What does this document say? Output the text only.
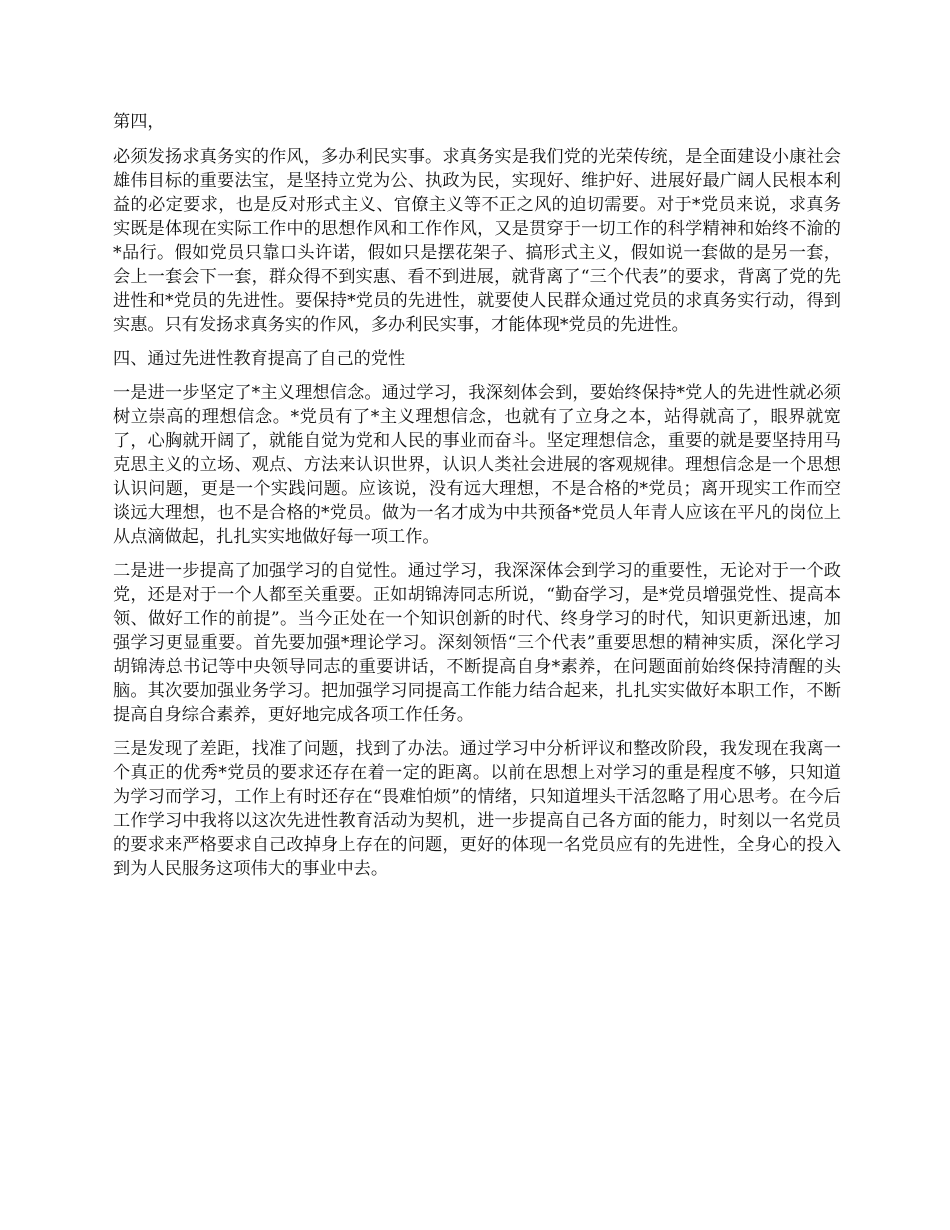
第四，

必须发扬求真务实的作风，多办利民实事。求真务实是我们党的光荣传统，是全面建设小康社会雄伟目标的重要法宝，是坚持立党为公、执政为民，实现好、维护好、进展好最广阔人民根本利益的必定要求，也是反对形式主义、官僚主义等不正之风的迫切需要。对于*党员来说，求真务实既是体现在实际工作中的思想作风和工作作风，又是贯穿于一切工作的科学精神和始终不渝的*品行。假如党员只靠口头许诺，假如只是摆花架子、搞形式主义，假如说一套做的是另一套，会上一套会下一套，群众得不到实惠、看不到进展，就背离了“三个代表”的要求，背离了党的先进性和*党员的先进性。要保持*党员的先进性，就要使人民群众通过党员的求真务实行动，得到实惠。只有发扬求真务实的作风，多办利民实事，才能体现*党员的先进性。

四、通过先进性教育提高了自己的党性

一是进一步坚定了*主义理想信念。通过学习，我深刻体会到，要始终保持*党人的先进性就必须树立崇高的理想信念。*党员有了*主义理想信念，也就有了立身之本，站得就高了，眼界就宽了，心胸就开阔了，就能自觉为党和人民的事业而奋斗。坚定理想信念，重要的就是要坚持用马克思主义的立场、观点、方法来认识世界，认识人类社会进展的客观规律。理想信念是一个思想认识问题，更是一个实践问题。应该说，没有远大理想，不是合格的*党员；离开现实工作而空谈远大理想，也不是合格的*党员。做为一名才成为中共预备*党员人年青人应该在平凡的岗位上从点滴做起，扎扎实实地做好每一项工作。

二是进一步提高了加强学习的自觉性。通过学习，我深深体会到学习的重要性，无论对于一个政党，还是对于一个人都至关重要。正如胡锦涛同志所说，“勤奋学习，是*党员增强党性、提高本领、做好工作的前提”。当今正处在一个知识创新的时代、终身学习的时代，知识更新迅速，加强学习更显重要。首先要加强*理论学习。深刻领悟“三个代表”重要思想的精神实质，深化学习胡锦涛总书记等中央领导同志的重要讲话，不断提高自身*素养，在问题面前始终保持清醒的头脑。其次要加强业务学习。把加强学习同提高工作能力结合起来，扎扎实实做好本职工作，不断提高自身综合素养，更好地完成各项工作任务。

三是发现了差距，找准了问题，找到了办法。通过学习中分析评议和整改阶段，我发现在我离一个真正的优秀*党员的要求还存在着一定的距离。以前在思想上对学习的重是程度不够，只知道为学习而学习，工作上有时还存在“畏难怕烦”的情绪，只知道埋头干活忽略了用心思考。在今后工作学习中我将以这次先进性教育活动为契机，进一步提高自己各方面的能力，时刻以一名党员的要求来严格要求自己改掉身上存在的问题，更好的体现一名党员应有的先进性，全身心的投入到为人民服务这项伟大的事业中去。
